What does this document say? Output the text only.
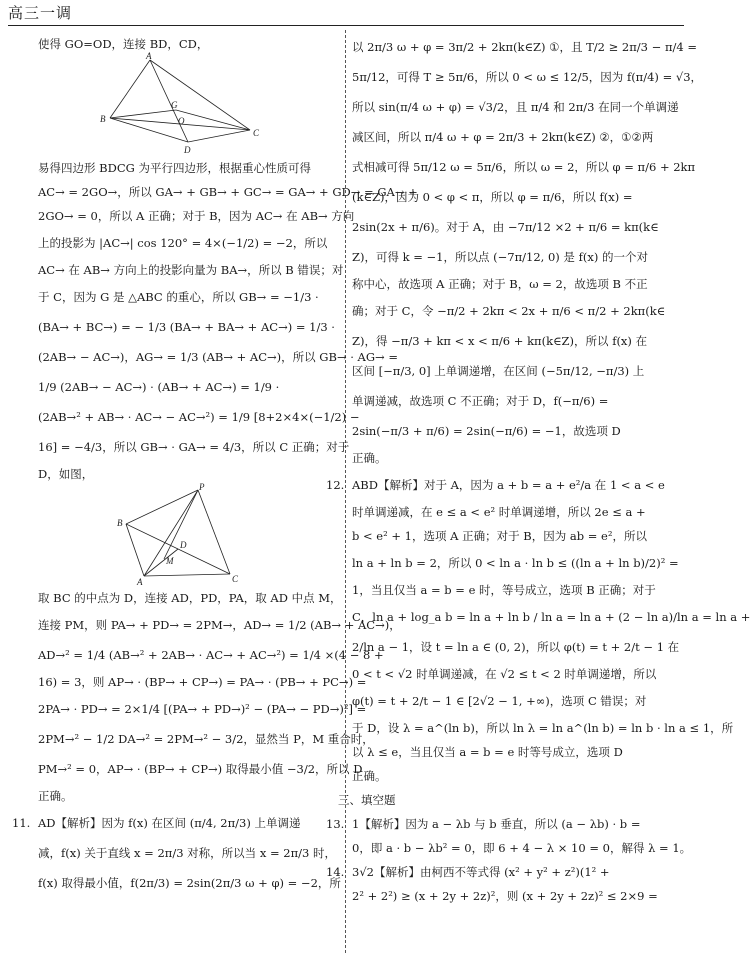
高三一调
使得 GO=OD，连接 BD，CD，
A
B
C
D
G
O
易得四边形 BDCG 为平行四边形，根据重心性质可得
AC→ = 2GO→，所以 GA→ + GB→ + GC→ = GA→ + GD→ = GA→ +
2GO→ = 0，所以 A 正确；对于 B，因为 AC→ 在 AB→ 方向
上的投影为 |AC→| cos 120° = 4×(−1/2) = −2，所以
AC→ 在 AB→ 方向上的投影向量为 BA→，所以 B 错误；对
于 C，因为 G 是 △ABC 的重心，所以 GB→ = −1/3 ·
(BA→ + BC→) = − 1/3 (BA→ + BA→ + AC→) = 1/3 ·
(2AB→ − AC→)，AG→ = 1/3 (AB→ + AC→)，所以 GB→ · AG→ =
1/9 (2AB→ − AC→) · (AB→ + AC→) = 1/9 ·
(2AB→² + AB→ · AC→ − AC→²) = 1/9 [8+2×4×(−1/2) −
16] = −4/3，所以 GB→ · GA→ = 4/3，所以 C 正确；对于
D，如图，
P
B
C
A
D
M
取 BC 的中点为 D，连接 AD，PD，PA，取 AD 中点 M，
连接 PM，则 PA→ + PD→ = 2PM→，AD→ = 1/2 (AB→ + AC→)，
AD→² = 1/4 (AB→² + 2AB→ · AC→ + AC→²) = 1/4 ×(4 − 8 +
16) = 3，则 AP→ · (BP→ + CP→) = PA→ · (PB→ + PC→) =
2PA→ · PD→ = 2×1/4 [(PA→ + PD→)² − (PA→ − PD→)²] =
2PM→² − 1/2 DA→² = 2PM→² − 3/2，显然当 P，M 重合时，
PM→² = 0，AP→ · (BP→ + CP→) 取得最小值 −3/2，所以 D
正确。
11. AD【解析】因为 f(x) 在区间 (π/4, 2π/3) 上单调递
减，f(x) 关于直线 x = 2π/3 对称，所以当 x = 2π/3 时，
f(x) 取得最小值，f(2π/3) = 2sin(2π/3 ω + φ) = −2，所
以 2π/3 ω + φ = 3π/2 + 2kπ(k∈Z) ①，且 T/2 ≥ 2π/3 − π/4 =
5π/12，可得 T ≥ 5π/6，所以 0 < ω ≤ 12/5，因为 f(π/4) = √3，
所以 sin(π/4 ω + φ) = √3/2，且 π/4 和 2π/3 在同一个单调递
减区间，所以 π/4 ω + φ = 2π/3 + 2kπ(k∈Z) ②，①②两
式相减可得 5π/12 ω = 5π/6，所以 ω = 2，所以 φ = π/6 + 2kπ
(k∈Z)，因为 0 < φ < π，所以 φ = π/6，所以 f(x) =
2sin(2x + π/6)。对于 A，由 −7π/12 ×2 + π/6 = kπ(k∈
Z)，可得 k = −1，所以点 (−7π/12, 0) 是 f(x) 的一个对
称中心，故选项 A 正确；对于 B，ω = 2，故选项 B 不正
确；对于 C，令 −π/2 + 2kπ < 2x + π/6 < π/2 + 2kπ(k∈
Z)，得 −π/3 + kπ < x < π/6 + kπ(k∈Z)，所以 f(x) 在
区间 [−π/3, 0] 上单调递增，在区间 (−5π/12, −π/3) 上
单调递减，故选项 C 不正确；对于 D，f(−π/6) =
2sin(−π/3 + π/6) = 2sin(−π/6) = −1，故选项 D
正确。
12. ABD【解析】对于 A，因为 a + b = a + e²/a 在 1 < a < e
时单调递减，在 e ≤ a < e² 时单调递增，所以 2e ≤ a +
b < e² + 1，选项 A 正确；对于 B，因为 ab = e²，所以
ln a + ln b = 2，所以 0 < ln a · ln b ≤ ((ln a + ln b)/2)² =
1，当且仅当 a = b = e 时，等号成立，选项 B 正确；对于
C，ln a + log_a b = ln a + ln b / ln a = ln a + (2 − ln a)/ln a = ln a +
2/ln a − 1，设 t = ln a ∈ (0, 2)，所以 φ(t) = t + 2/t − 1 在
0 < t < √2 时单调递减，在 √2 ≤ t < 2 时单调递增，所以
φ(t) = t + 2/t − 1 ∈ [2√2 − 1, +∞)，选项 C 错误；对
于 D，设 λ = a^(ln b)，所以 ln λ = ln a^(ln b) = ln b · ln a ≤ 1，所
以 λ ≤ e，当且仅当 a = b = e 时等号成立，选项 D
正确。
三、填空题
13. 1【解析】因为 a − λb 与 b 垂直，所以 (a − λb) · b =
0，即 a · b − λb² = 0，即 6 + 4 − λ × 10 = 0，解得 λ = 1。
14. 3√2【解析】由柯西不等式得 (x² + y² + z²)(1² +
2² + 2²) ≥ (x + 2y + 2z)²，则 (x + 2y + 2z)² ≤ 2×9 =
